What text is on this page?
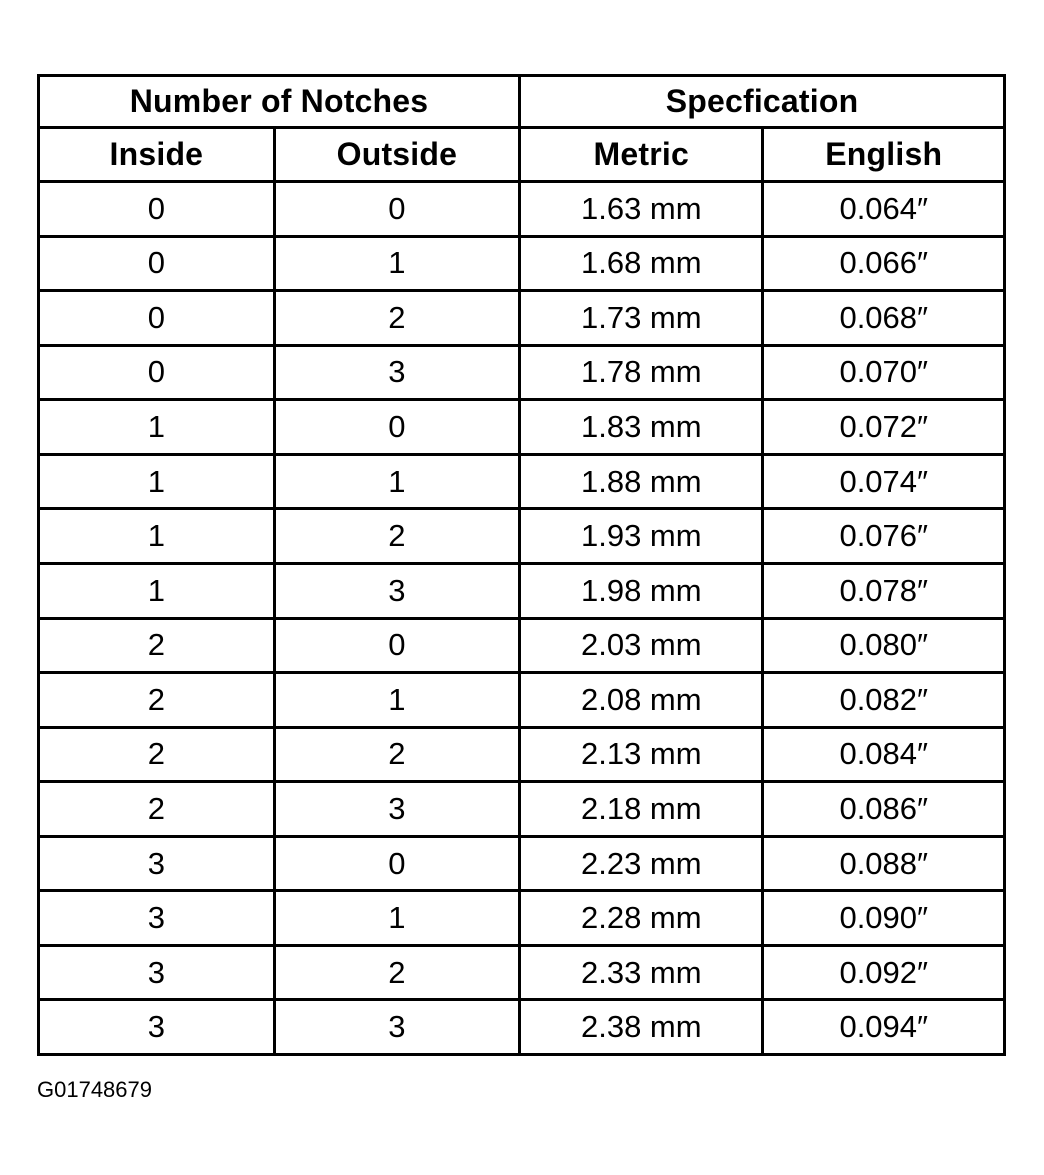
Number of Notches		Specfication	
Inside	Outside	Metric	English
0	0	1.63 mm	0.064″
0	1	1.68 mm	0.066″
0	2	1.73 mm	0.068″
0	3	1.78 mm	0.070″
1	0	1.83 mm	0.072″
1	1	1.88 mm	0.074″
1	2	1.93 mm	0.076″
1	3	1.98 mm	0.078″
2	0	2.03 mm	0.080″
2	1	2.08 mm	0.082″
2	2	2.13 mm	0.084″
2	3	2.18 mm	0.086″
3	0	2.23 mm	0.088″
3	1	2.28 mm	0.090″
3	2	2.33 mm	0.092″
3	3	2.38 mm	0.094″
G01748679
